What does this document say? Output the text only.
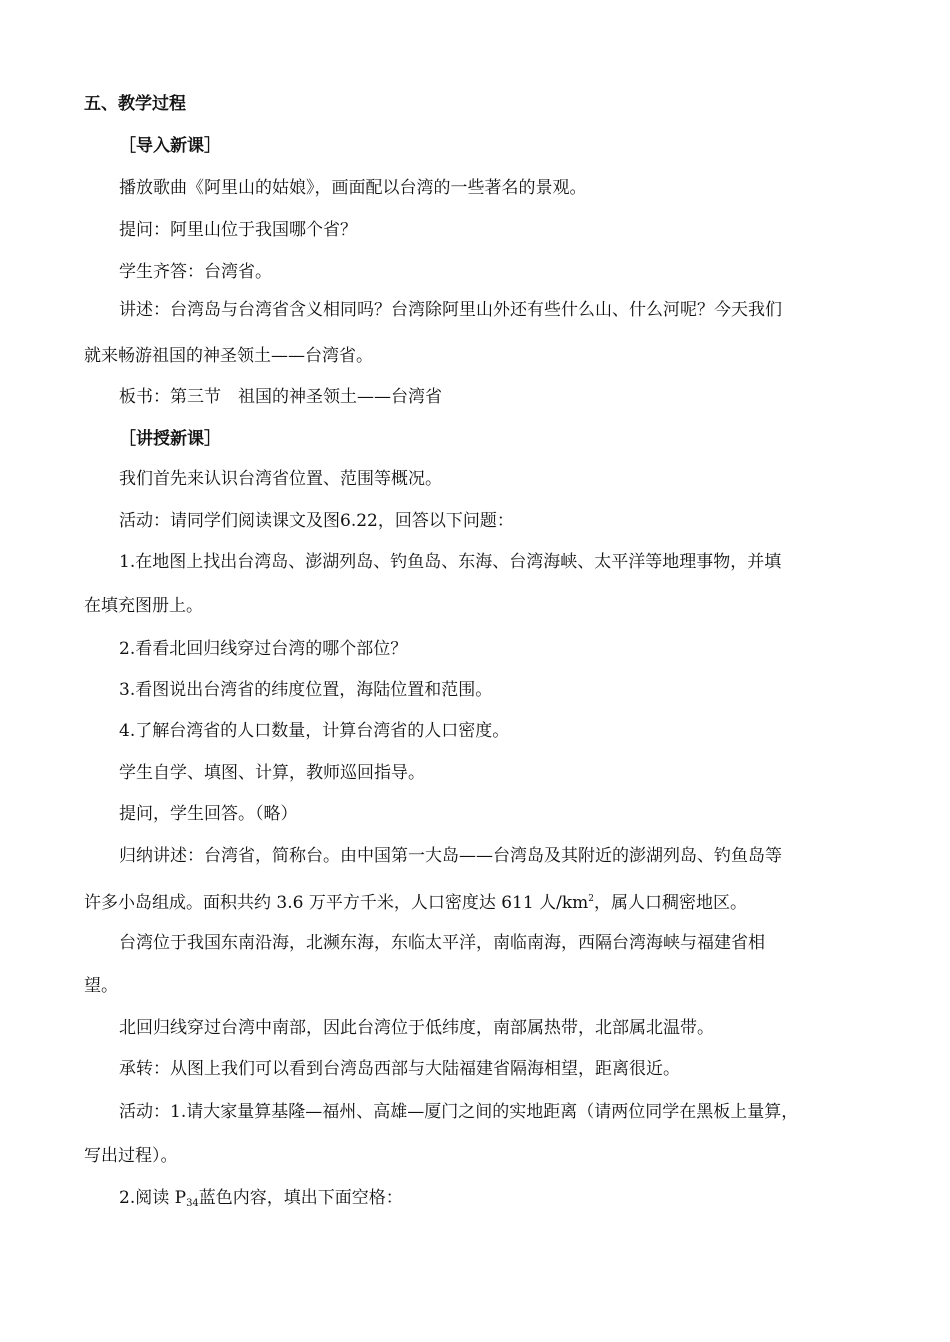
五、教学过程
［导入新课］
播放歌曲《阿里山的姑娘》，画面配以台湾的一些著名的景观。
提问：阿里山位于我国哪个省？
学生齐答：台湾省。
讲述：台湾岛与台湾省含义相同吗？台湾除阿里山外还有些什么山、什么河呢？今天我们
就来畅游祖国的神圣领土——台湾省。
板书：第三节　祖国的神圣领土——台湾省
［讲授新课］
我们首先来认识台湾省位置、范围等概况。
活动：请同学们阅读课文及图6.22，回答以下问题：
1.在地图上找出台湾岛、澎湖列岛、钓鱼岛、东海、台湾海峡、太平洋等地理事物，并填
在填充图册上。
2.看看北回归线穿过台湾的哪个部位？
3.看图说出台湾省的纬度位置，海陆位置和范围。
4.了解台湾省的人口数量，计算台湾省的人口密度。
学生自学、填图、计算，教师巡回指导。
提问，学生回答。（略）
归纳讲述：台湾省，简称台。由中国第一大岛——台湾岛及其附近的澎湖列岛、钓鱼岛等
许多小岛组成。面积共约 3.6 万平方千米，人口密度达 611 人$/km^2$，属人口稠密地区。
台湾位于我国东南沿海，北濒东海，东临太平洋，南临南海，西隔台湾海峡与福建省相
望。
北回归线穿过台湾中南部，因此台湾位于低纬度，南部属热带，北部属北温带。
承转：从图上我们可以看到台湾岛西部与大陆福建省隔海相望，距离很近。
活动：1.请大家量算基隆—福州、高雄—厦门之间的实地距离（请两位同学在黑板上量算，
写出过程）。
2.阅读 $P_{34}$蓝色内容，填出下面空格：
